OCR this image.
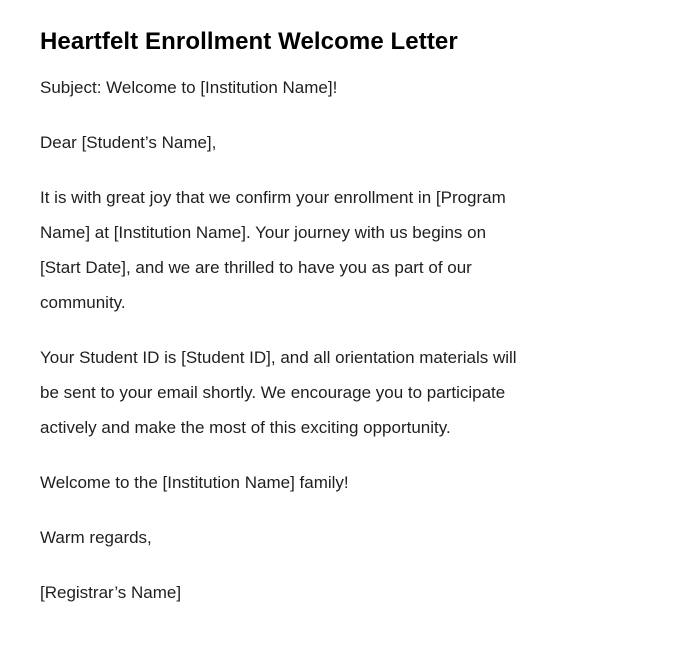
Heartfelt Enrollment Welcome Letter

Subject: Welcome to [Institution Name]!

Dear [Student’s Name],

It is with great joy that we confirm your enrollment in [Program
Name] at [Institution Name]. Your journey with us begins on
[Start Date], and we are thrilled to have you as part of our
community.

Your Student ID is [Student ID], and all orientation materials will
be sent to your email shortly. We encourage you to participate
actively and make the most of this exciting opportunity.

Welcome to the [Institution Name] family!

Warm regards,

[Registrar’s Name]
